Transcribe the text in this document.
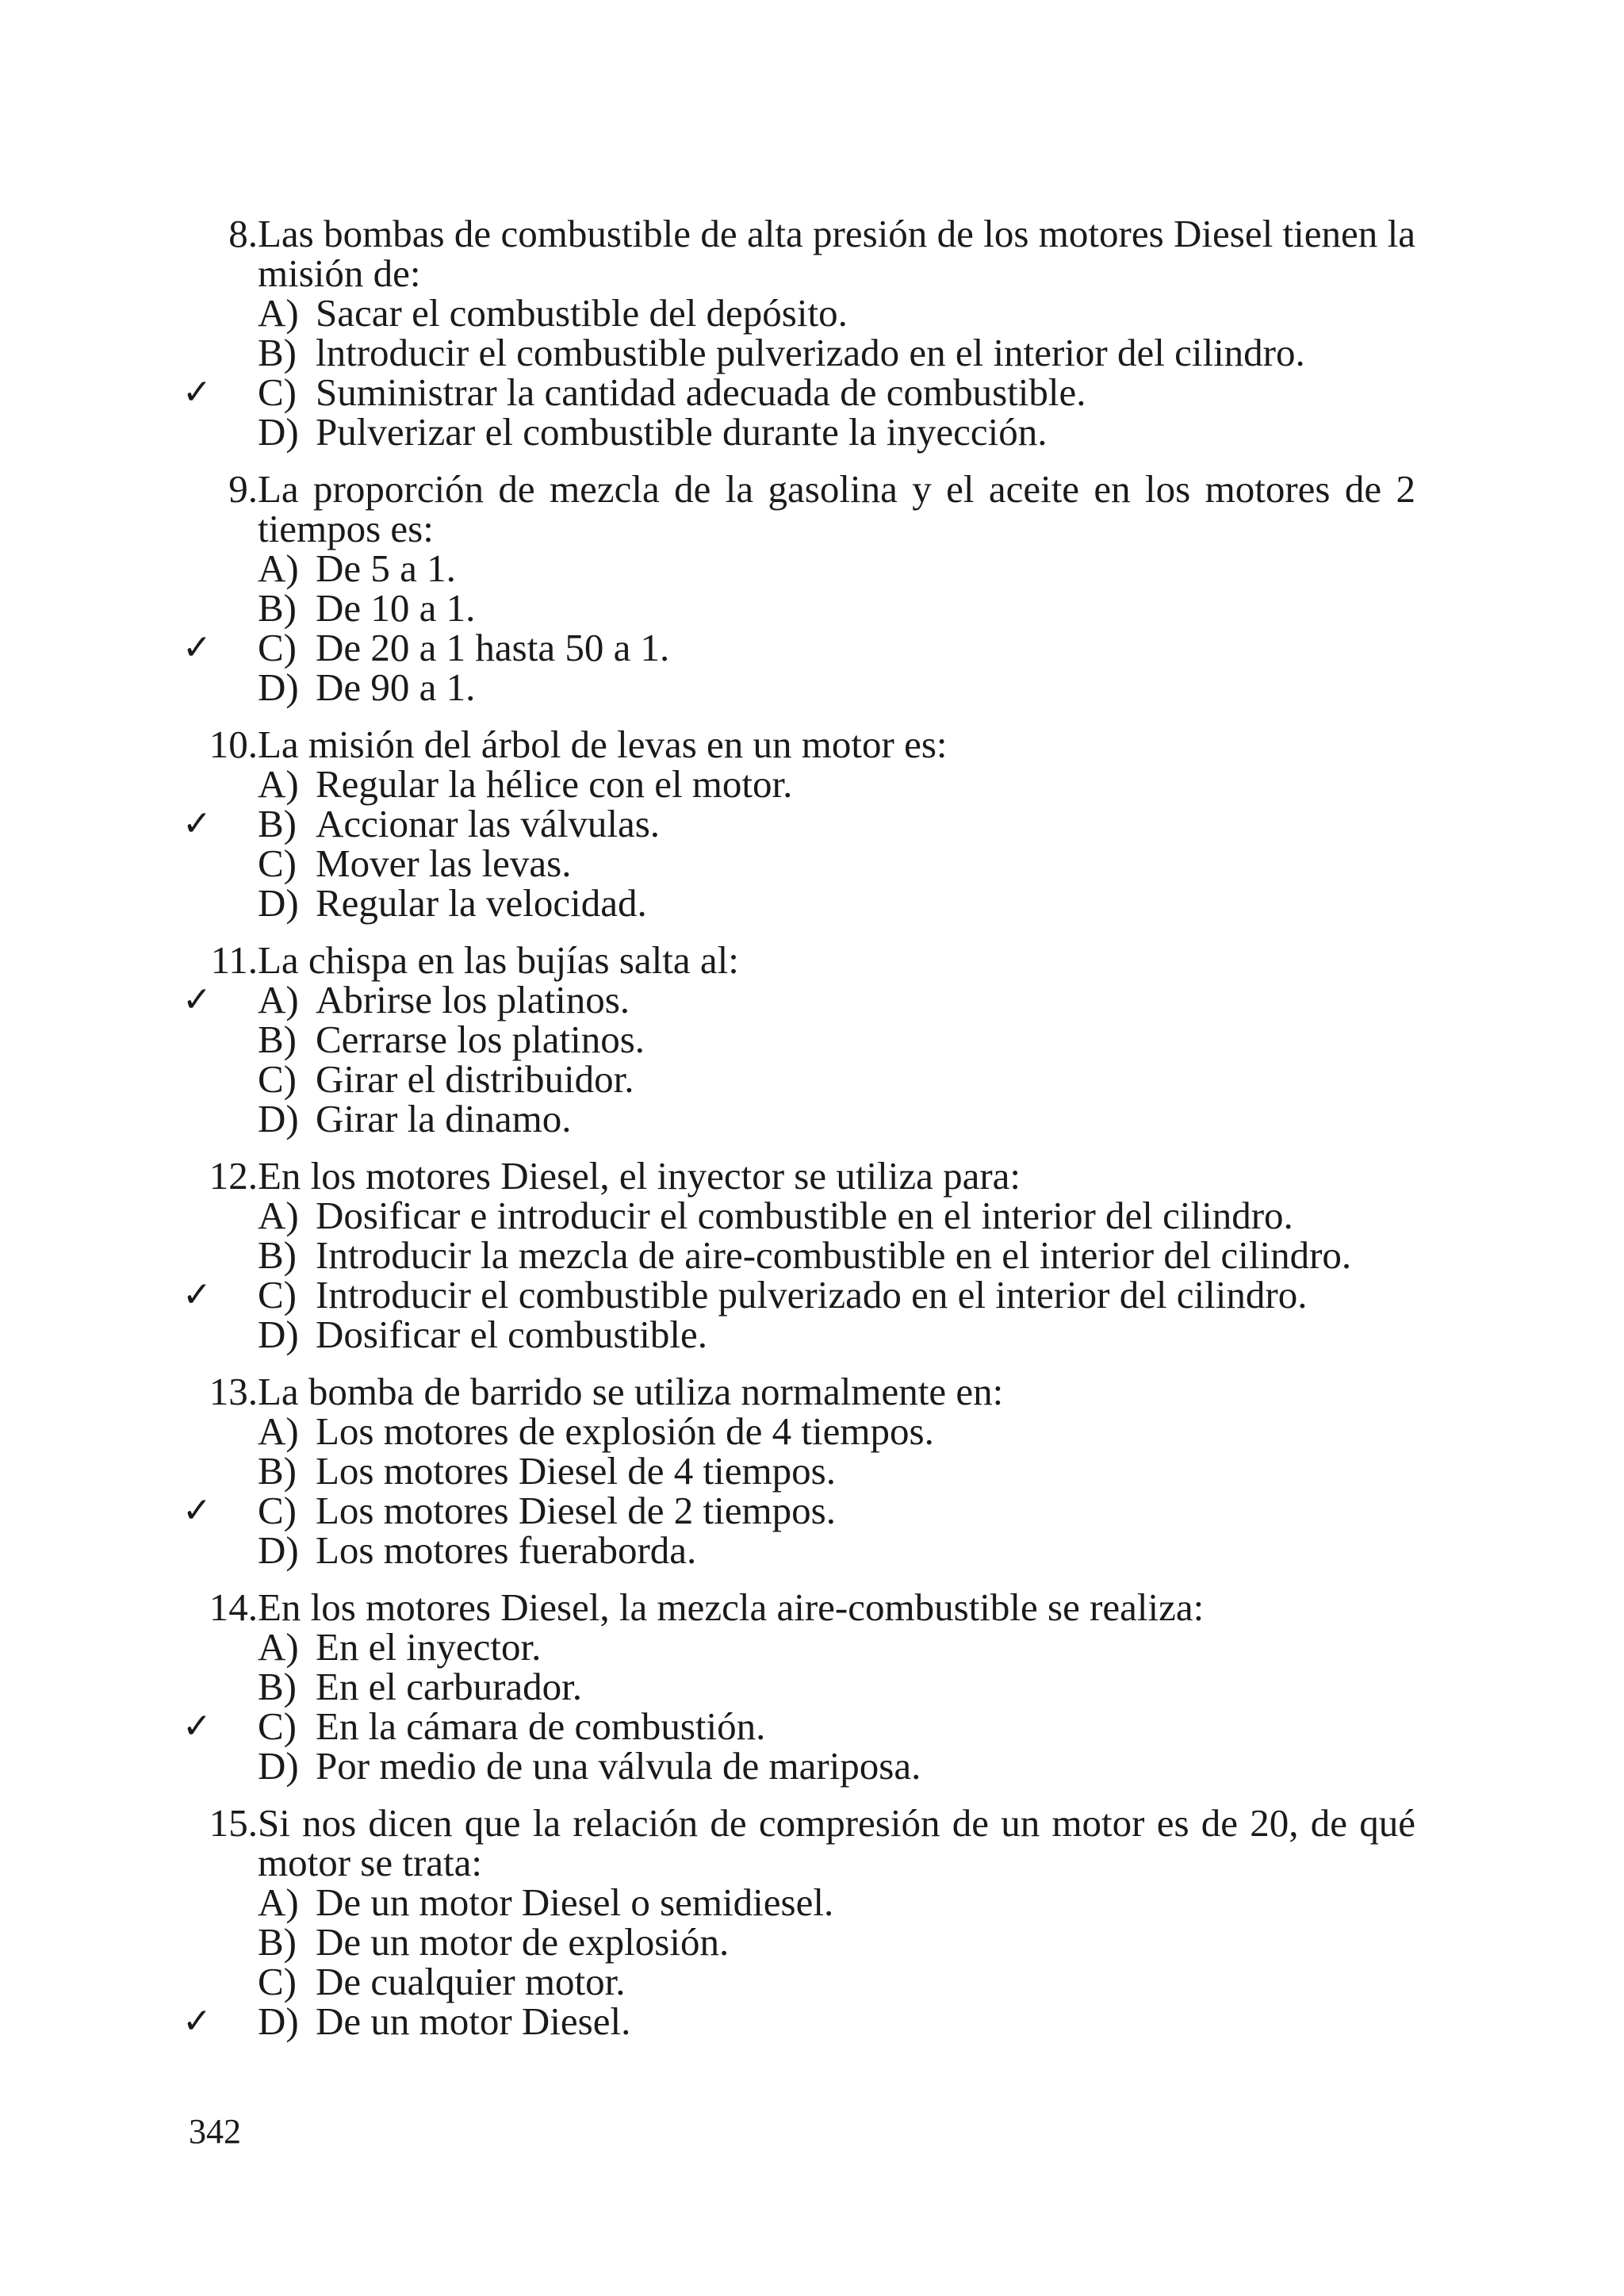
8. Las bombas de combustible de alta presión de los motores Diesel tienen la misión de:
A) Sacar el combustible del depósito.
B) lntroducir el combustible pulverizado en el interior del cilindro.
✓ C) Suministrar la cantidad adecuada de combustible.
D) Pulverizar el combustible durante la inyección.
9. La proporción de mezcla de la gasolina y el aceite en los motores de 2 tiempos es:
A) De 5 a 1.
B) De 10 a 1.
✓ C) De 20 a 1 hasta 50 a 1.
D) De 90 a 1.
10. La misión del árbol de levas en un motor es:
A) Regular la hélice con el motor.
✓ B) Accionar las válvulas.
C) Mover las levas.
D) Regular la velocidad.
11. La chispa en las bujías salta al:
✓ A) Abrirse los platinos.
B) Cerrarse los platinos.
C) Girar el distribuidor.
D) Girar la dinamo.
12. En los motores Diesel, el inyector se utiliza para:
A) Dosificar e introducir el combustible en el interior del cilindro.
B) Introducir la mezcla de aire-combustible en el interior del cilindro.
✓ C) Introducir el combustible pulverizado en el interior del cilindro.
D) Dosificar el combustible.
13. La bomba de barrido se utiliza normalmente en:
A) Los motores de explosión de 4 tiempos.
B) Los motores Diesel de 4 tiempos.
✓ C) Los motores Diesel de 2 tiempos.
D) Los motores fueraborda.
14. En los motores Diesel, la mezcla aire-combustible se realiza:
A) En el inyector.
B) En el carburador.
✓ C) En la cámara de combustión.
D) Por medio de una válvula de mariposa.
15. Si nos dicen que la relación de compresión de un motor es de 20, de qué motor se trata:
A) De un motor Diesel o semidiesel.
B) De un motor de explosión.
C) De cualquier motor.
✓ D) De un motor Diesel.
342
